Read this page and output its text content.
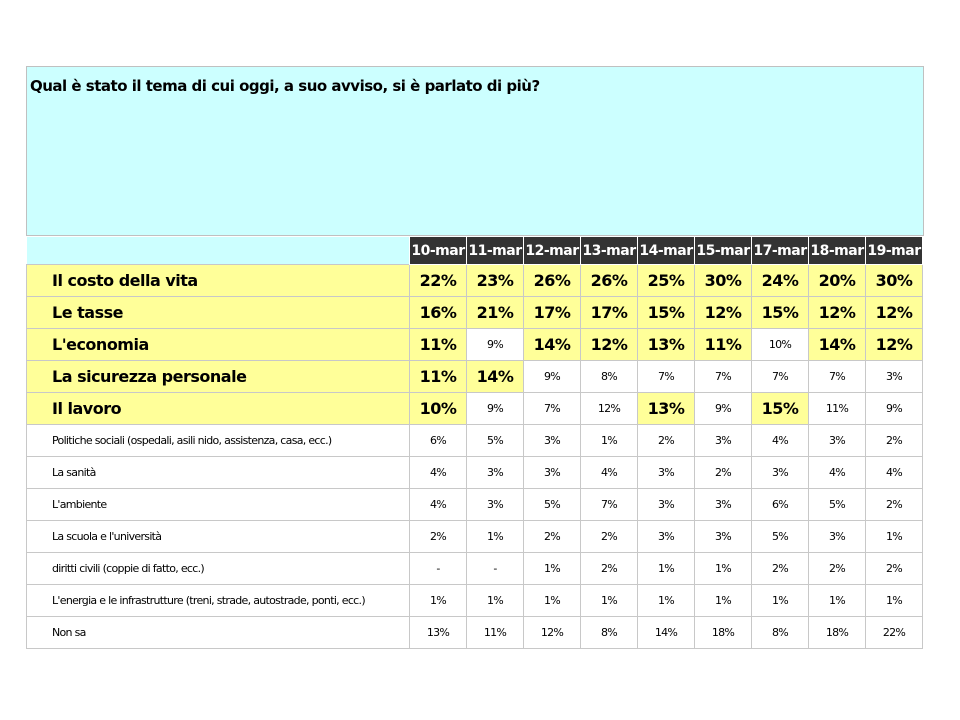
Qual è stato il tema di cui oggi, a suo avviso, si è parlato di più?
	10-mar	11-mar	12-mar	13-mar	14-mar	15-mar	17-mar	18-mar	19-mar
Il costo della vita	22%	23%	26%	26%	25%	30%	24%	20%	30%
Le tasse	16%	21%	17%	17%	15%	12%	15%	12%	12%
L'economia	11%	9%	14%	12%	13%	11%	10%	14%	12%
La sicurezza personale	11%	14%	9%	8%	7%	7%	7%	7%	3%
Il lavoro	10%	9%	7%	12%	13%	9%	15%	11%	9%
Politiche sociali (ospedali, asili nido, assistenza, casa, ecc.)	6%	5%	3%	1%	2%	3%	4%	3%	2%
La sanità	4%	3%	3%	4%	3%	2%	3%	4%	4%
L'ambiente	4%	3%	5%	7%	3%	3%	6%	5%	2%
La scuola e l'università	2%	1%	2%	2%	3%	3%	5%	3%	1%
diritti civili (coppie di fatto, ecc.)	-	-	1%	2%	1%	1%	2%	2%	2%
L'energia e le infrastrutture (treni, strade, autostrade, ponti, ecc.)	1%	1%	1%	1%	1%	1%	1%	1%	1%
Non sa	13%	11%	12%	8%	14%	18%	8%	18%	22%
